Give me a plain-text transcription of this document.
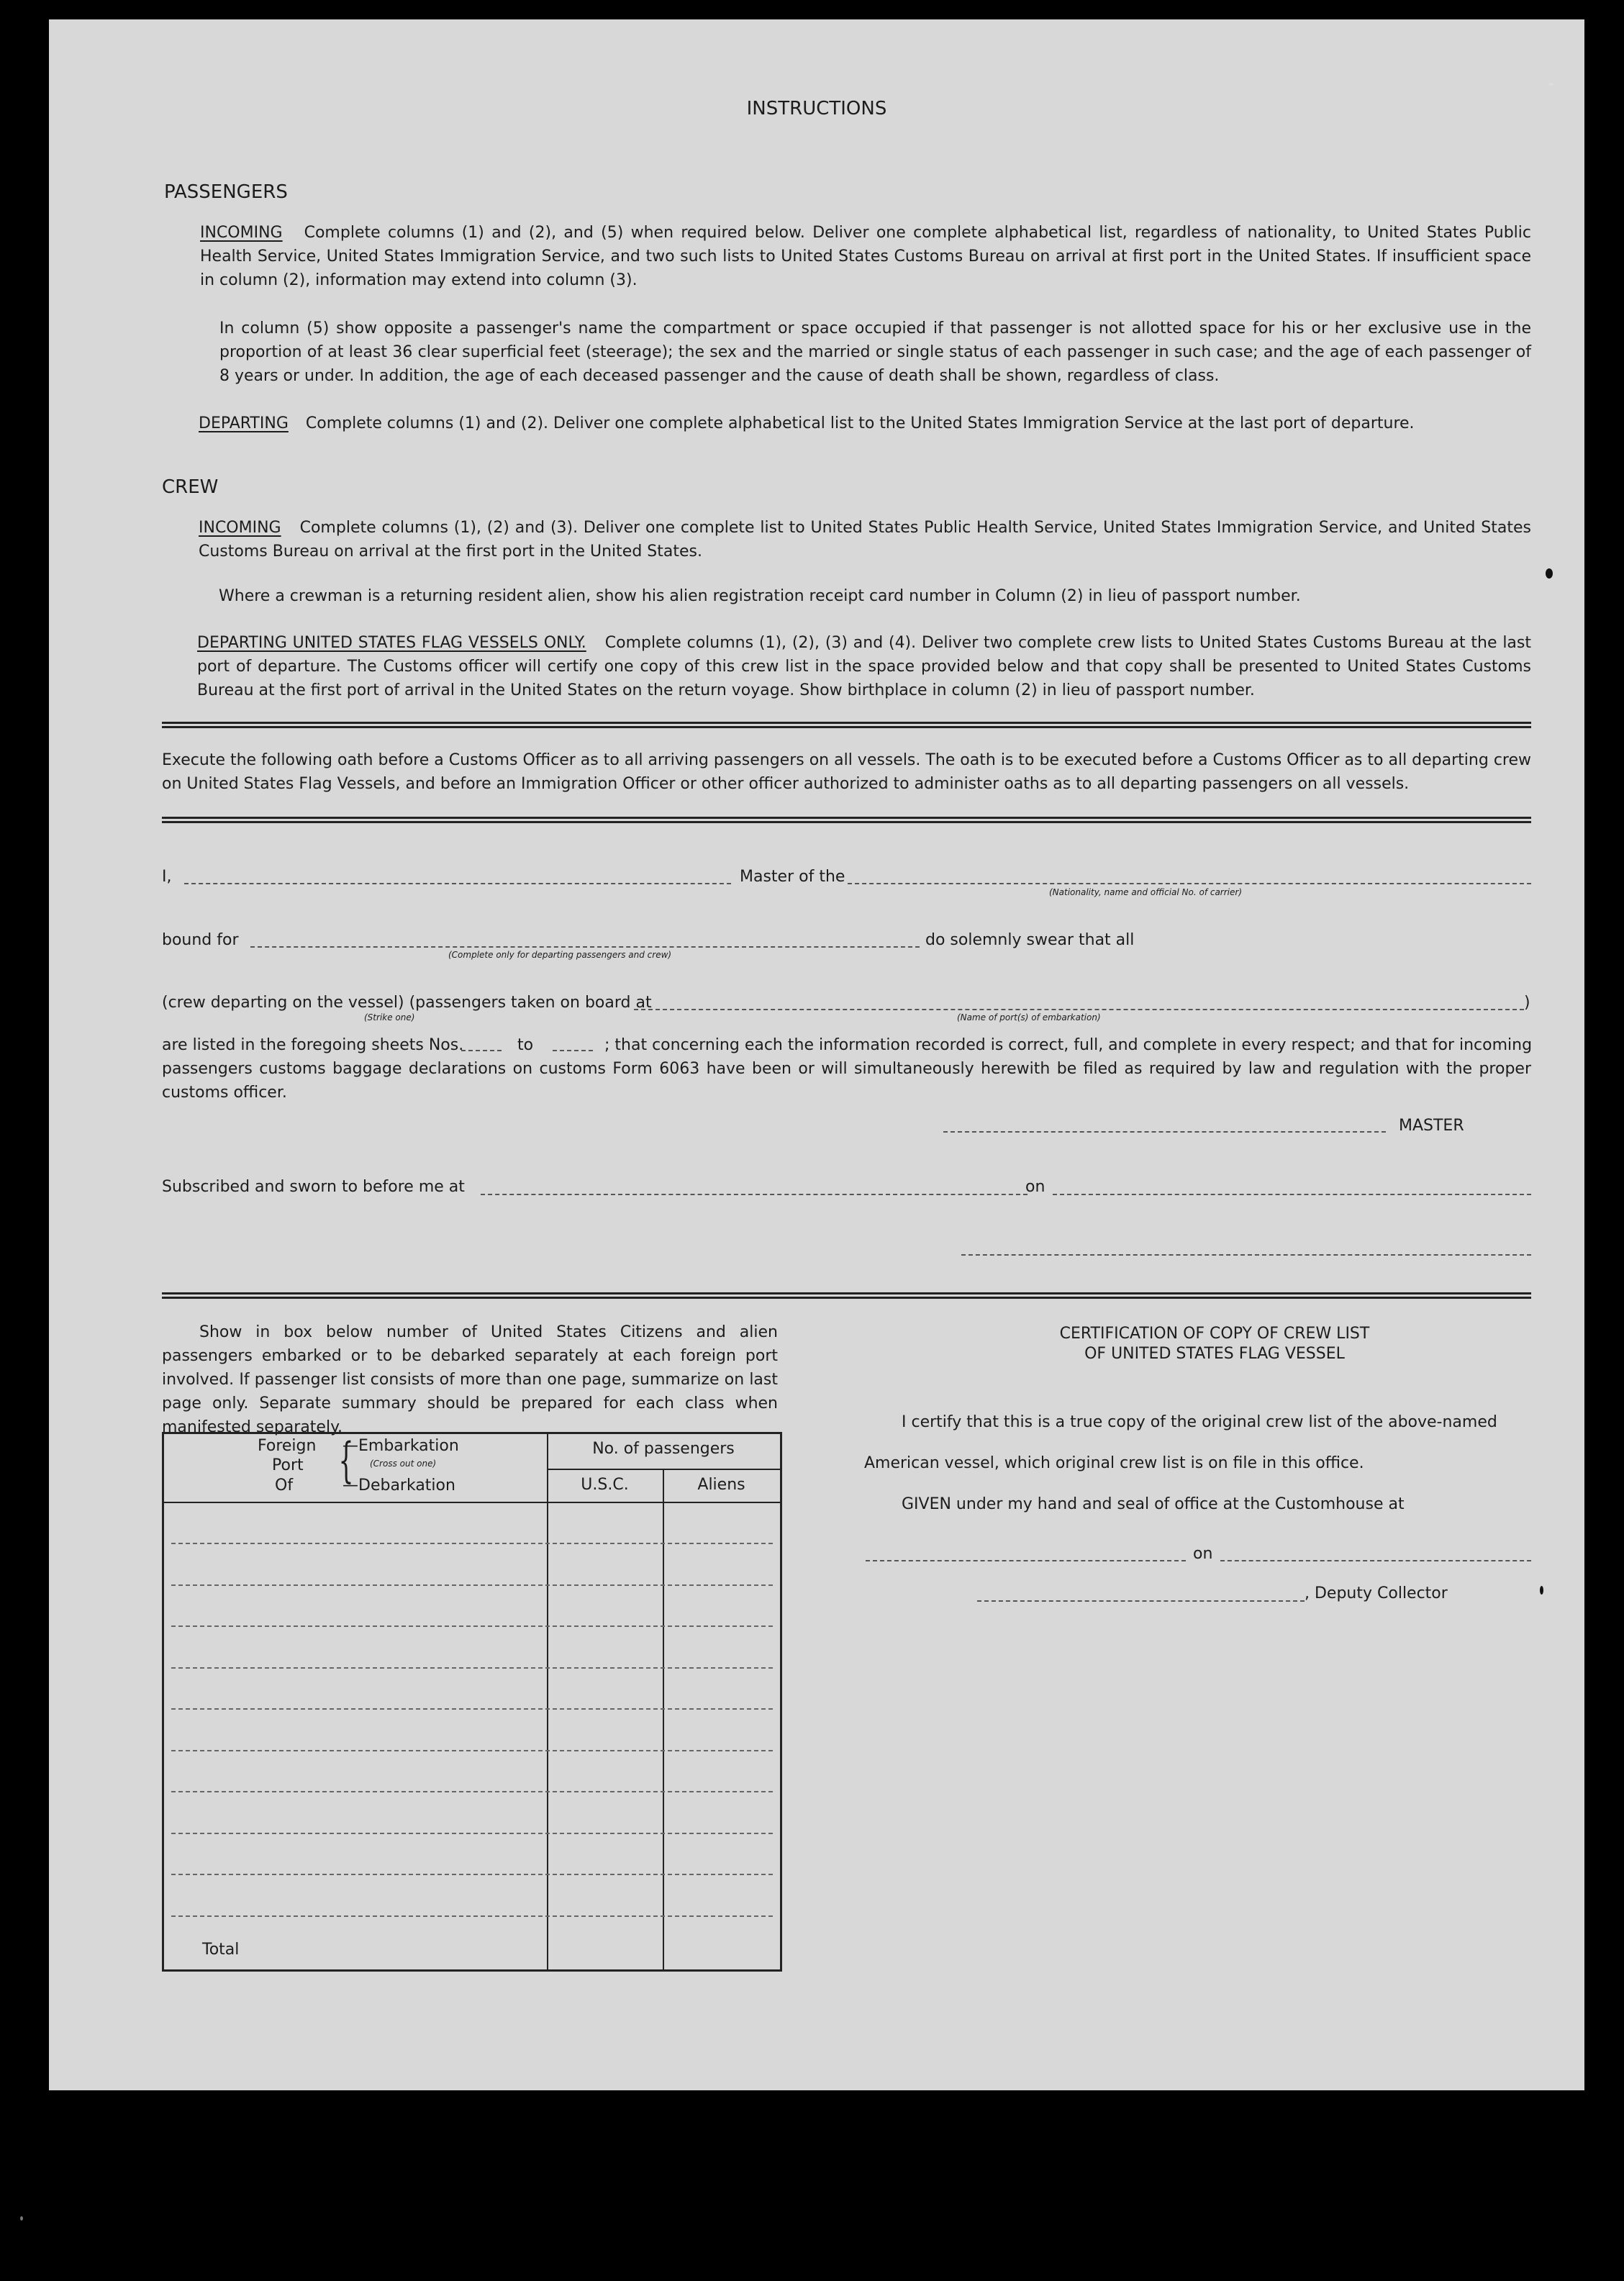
INSTRUCTIONS
PASSENGERS
INCOMING Complete columns (1) and (2), and (5) when required below. Deliver one complete alphabetical list, regardless of nationality, to United States Public Health Service, United States Immigration Service, and two such lists to United States Customs Bureau on arrival at first port in the United States. If insufficient space in column (2), information may extend into column (3).
In column (5) show opposite a passenger's name the compartment or space occupied if that passenger is not allotted space for his or her exclusive use in the proportion of at least 36 clear superficial feet (steerage); the sex and the married or single status of each passenger in such case; and the age of each passenger of 8 years or under. In addition, the age of each deceased passenger and the cause of death shall be shown, regardless of class.
DEPARTING Complete columns (1) and (2). Deliver one complete alphabetical list to the United States Immigration Service at the last port of departure.
CREW
INCOMING Complete columns (1), (2) and (3). Deliver one complete list to United States Public Health Service, United States Immigration Service, and United States Customs Bureau on arrival at the first port in the United States.
Where a crewman is a returning resident alien, show his alien registration receipt card number in Column (2) in lieu of passport number.
DEPARTING UNITED STATES FLAG VESSELS ONLY. Complete columns (1), (2), (3) and (4). Deliver two complete crew lists to United States Customs Bureau at the last port of departure. The Customs officer will certify one copy of this crew list in the space provided below and that copy shall be presented to United States Customs Bureau at the first port of arrival in the United States on the return voyage. Show birthplace in column (2) in lieu of passport number.
Execute the following oath before a Customs Officer as to all arriving passengers on all vessels. The oath is to be executed before a Customs Officer as to all departing crew on United States Flag Vessels, and before an Immigration Officer or other officer authorized to administer oaths as to all departing passengers on all vessels.
I,	Master of the
(Nationality, name and official No. of carrier)
bound for
(Complete only for departing passengers and crew)
do solemnly swear that all
(crew departing on the vessel) (passengers taken on board at	)
(Strike one)	(Name of port(s) of embarkation)
are listed in the foregoing sheets Nos.	to	; that concerning each the information recorded is correct, full, and complete in every respect; and that for incoming
passengers customs baggage declarations on customs Form 6063 have been or will simultaneously herewith be filed as required by law and regulation with the proper customs officer.
MASTER
Subscribed and sworn to before me at	on
Show in box below number of United States Citizens and alien passengers embarked or to be debarked separately at each foreign port involved. If passenger list consists of more than one page, summarize on last page only. Separate summary should be prepared for each class when manifested separately.
Foreign
Port
Of {
—Embarkation
(Cross out one)
—Debarkation
No. of passengers
U.S.C.	Aliens
Total
CERTIFICATION OF COPY OF CREW LIST
OF UNITED STATES FLAG VESSEL
I certify that this is a true copy of the original crew list of the above-named
American vessel, which original crew list is on file in this office.
GIVEN under my hand and seal of office at the Customhouse at
on
, Deputy Collector
